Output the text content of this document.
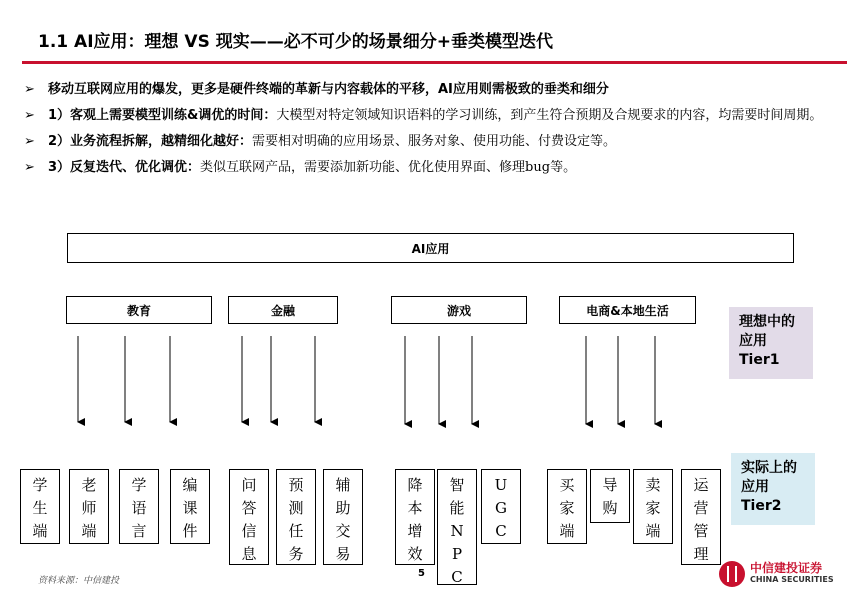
1.1 AI应用：理想 VS 现实——必不可少的场景细分+垂类模型迭代
➢ 移动互联网应用的爆发，更多是硬件终端的革新与内容载体的平移，AI应用则需极致的垂类和细分
➢ 1）客观上需要模型训练&调优的时间：大模型对特定领域知识语料的学习训练，到产生符合预期及合规要求的内容，均需要时间周期。
➢ 2）业务流程拆解，越精细化越好：需要相对明确的应用场景、服务对象、使用功能、付费设定等。
➢ 3）反复迭代、优化调优：类似互联网产品，需要添加新功能、优化使用界面、修理bug等。
AI应用
教育	金融	游戏	电商&本地生活
学生端
老师端
学语言
编课件
问答信息
预测任务
辅助交易
降本增效
智能NPC
UGC
买家端
导购
卖家端
运营管理
理想中的应用Tier1
实际上的应用Tier2
资料来源：中信建投
5	中信建投证券
CHINA SECURITIES
